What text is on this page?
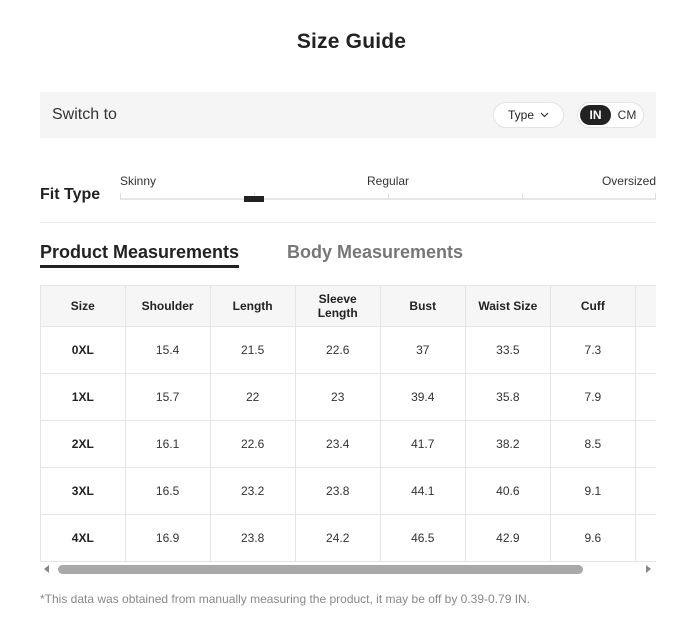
Size Guide
Switch to	Type	IN	CM
Fit Type
Skinny	Regular	Oversized
Product Measurements	Body Measurements
Size	Shoulder	Length	Sleeve Length	Bust	Waist Size	Cuff	
0XL	15.4	21.5	22.6	37	33.5	7.3	
1XL	15.7	22	23	39.4	35.8	7.9	
2XL	16.1	22.6	23.4	41.7	38.2	8.5	
3XL	16.5	23.2	23.8	44.1	40.6	9.1	
4XL	16.9	23.8	24.2	46.5	42.9	9.6	
*This data was obtained from manually measuring the product, it may be off by 0.39-0.79 IN.
